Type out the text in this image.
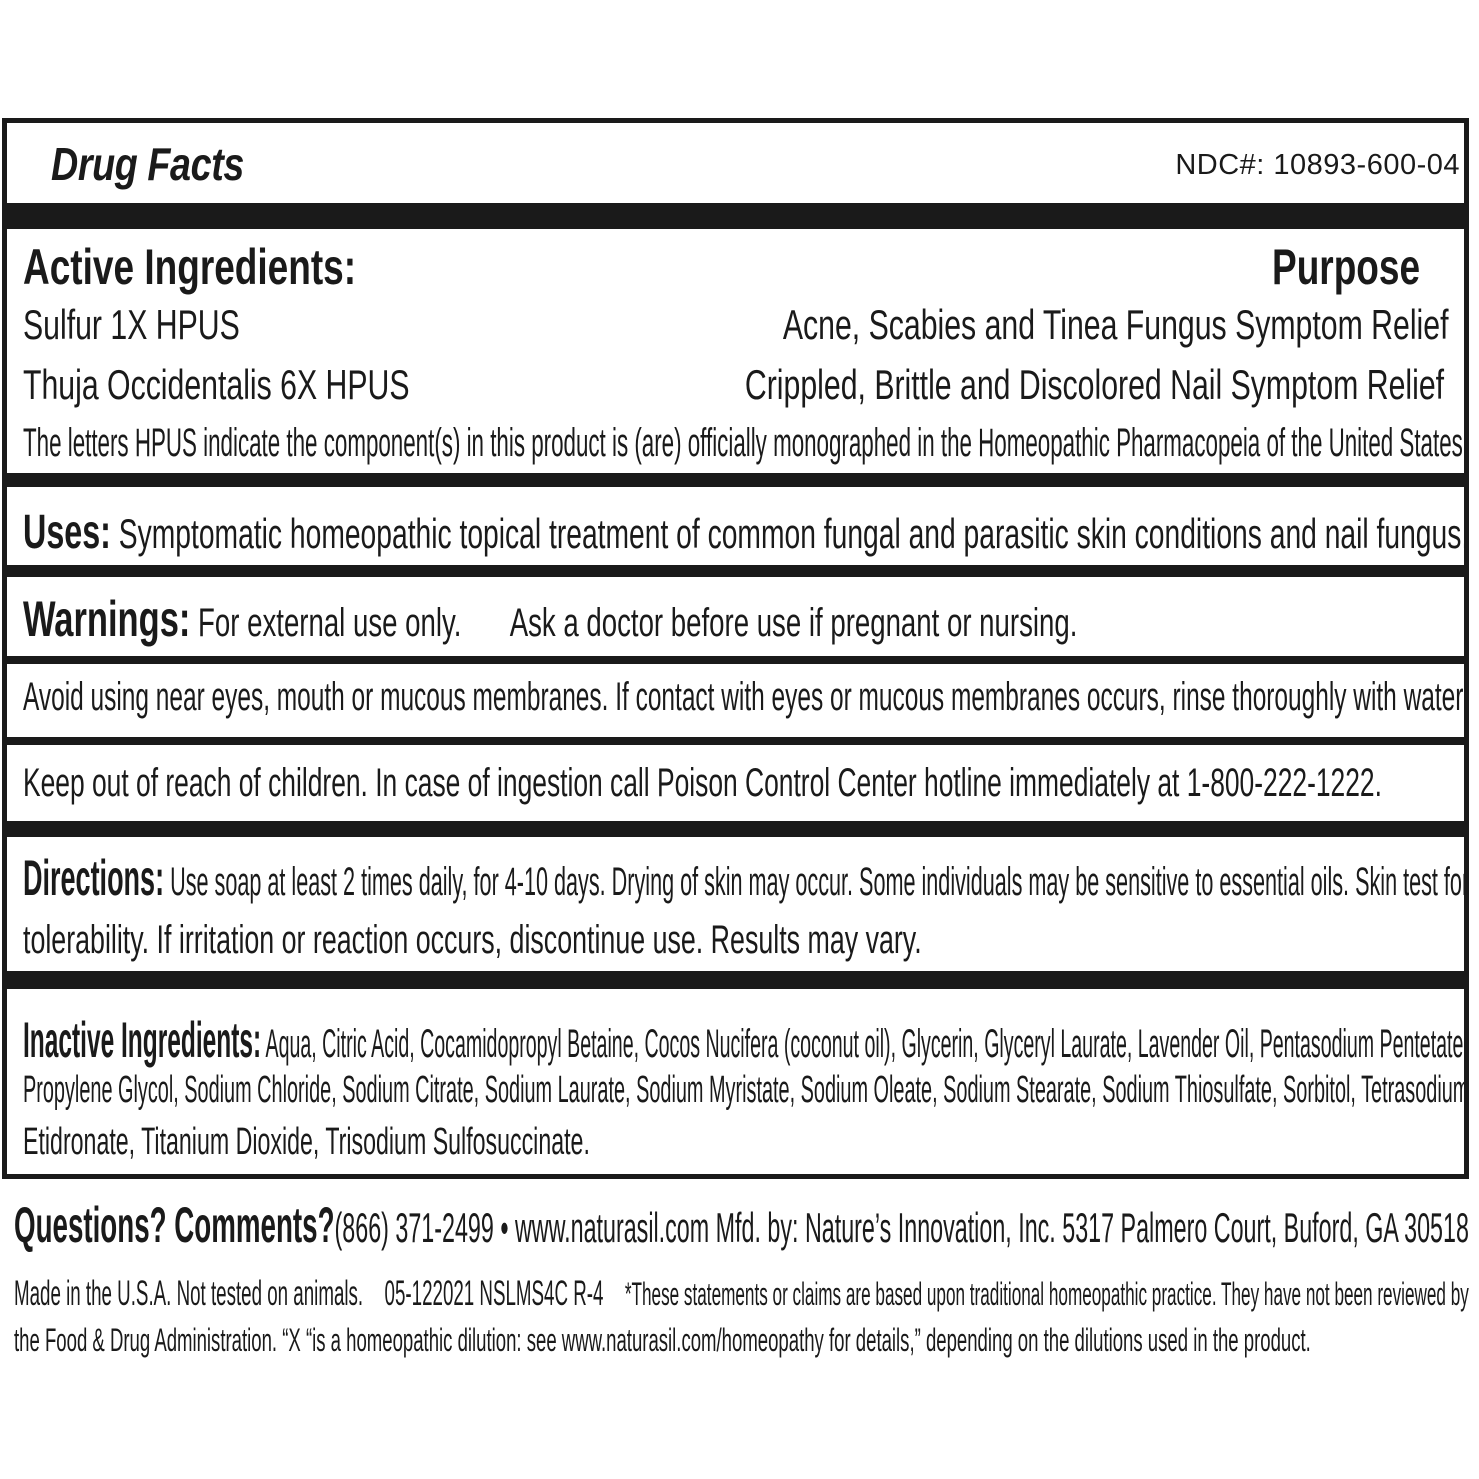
Drug Facts	NDC#: 10893-600-04
Active Ingredients:	Purpose
Sulfur 1X HPUS	Acne, Scabies and Tinea Fungus Symptom Relief
Thuja Occidentalis 6X HPUS	Crippled, Brittle and Discolored Nail Symptom Relief
The letters HPUS indicate the component(s) in this product is (are) officially monographed in the Homeopathic Pharmacopeia of the United States.
Uses: Symptomatic homeopathic topical treatment of common fungal and parasitic skin conditions and nail fungus.
Warnings: For external use only. Ask a doctor before use if pregnant or nursing.
Avoid using near eyes, mouth or mucous membranes. If contact with eyes or mucous membranes occurs, rinse thoroughly with water.
Keep out of reach of children. In case of ingestion call Poison Control Center hotline immediately at 1-800-222-1222.
Directions: Use soap at least 2 times daily, for 4-10 days. Drying of skin may occur. Some individuals may be sensitive to essential oils. Skin test for
tolerability. If irritation or reaction occurs, discontinue use. Results may vary.
Inactive Ingredients: Aqua, Citric Acid, Cocamidopropyl Betaine, Cocos Nucifera (coconut oil), Glycerin, Glyceryl Laurate, Lavender Oil, Pentasodium Pentetate,
Propylene Glycol, Sodium Chloride, Sodium Citrate, Sodium Laurate, Sodium Myristate, Sodium Oleate, Sodium Stearate, Sodium Thiosulfate, Sorbitol, Tetrasodium
Etidronate, Titanium Dioxide, Trisodium Sulfosuccinate.
Questions? Comments?(866) 371-2499 • www.naturasil.com Mfd. by: Nature’s Innovation, Inc. 5317 Palmero Court, Buford, GA 30518
Made in the U.S.A. Not tested on animals. 05-122021 NSLMS4C R-4 *These statements or claims are based upon traditional homeopathic practice. They have not been reviewed by
the Food & Drug Administration. “X “is a homeopathic dilution: see www.naturasil.com/homeopathy for details,” depending on the dilutions used in the product.
